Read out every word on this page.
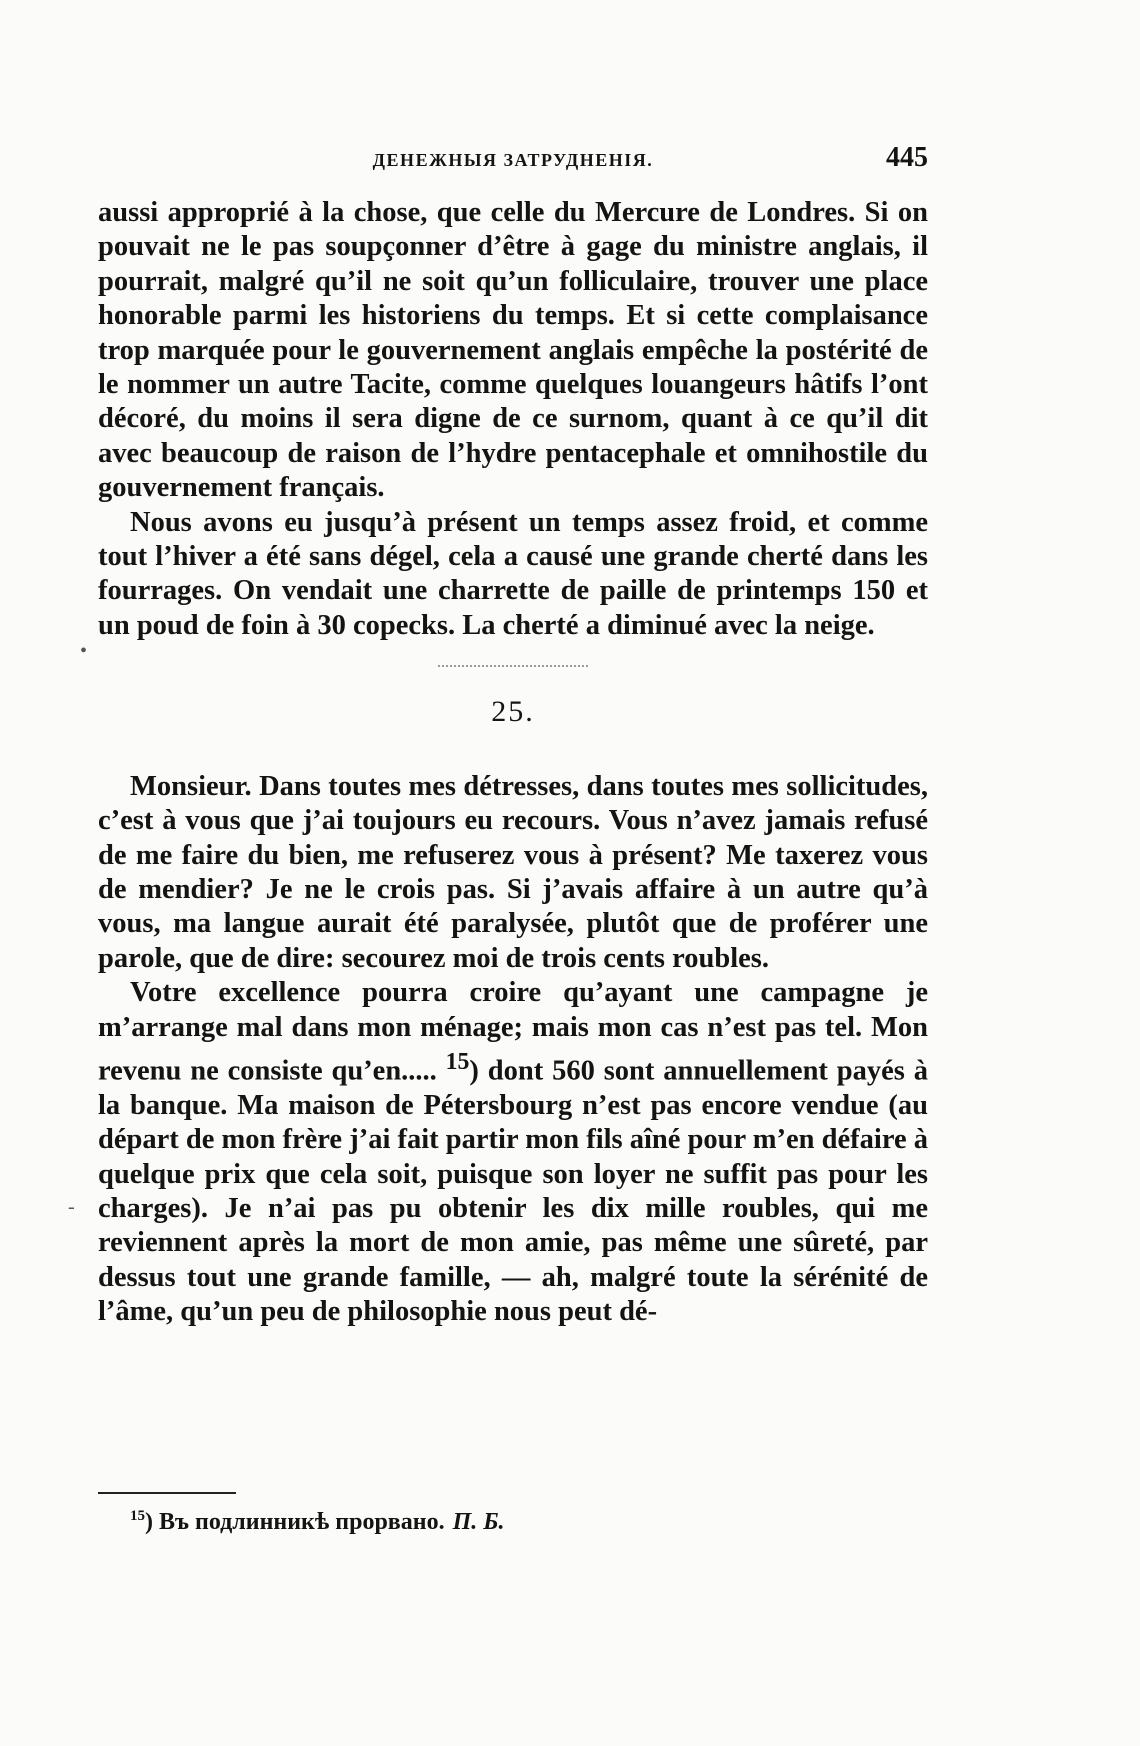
ДЕНЕЖНЫЯ ЗАТРУДНЕНІЯ.	445

aussi approprié à la chose, que celle du Mercure de Londres. Si on pouvait ne le pas soupçonner d’être à gage du ministre anglais, il pourrait, malgré qu’il ne soit qu’un folliculaire, trouver une place honorable parmi les historiens du temps. Et si cette complaisance trop marquée pour le gouvernement anglais empêche la postérité de le nommer un autre Tacite, comme quelques louangeurs hâtifs l’ont décoré, du moins il sera digne de ce surnom, quant à ce qu’il dit avec beaucoup de raison de l’hydre pentacephale et omnihostile du gouvernement français.

Nous avons eu jusqu’à présent un temps assez froid, et comme tout l’hiver a été sans dégel, cela a causé une grande cherté dans les fourrages. On vendait une charrette de paille de printemps 150 et un poud de foin à 30 copecks. La cherté a diminué avec la neige.

25.

Monsieur. Dans toutes mes détresses, dans toutes mes sollicitudes, c’est à vous que j’ai toujours eu recours. Vous n’avez jamais refusé de me faire du bien, me refuserez vous à présent? Me taxerez vous de mendier? Je ne le crois pas. Si j’avais affaire à un autre qu’à vous, ma langue aurait été paralysée, plutôt que de proférer une parole, que de dire: secourez moi de trois cents roubles.

Votre excellence pourra croire qu’ayant une campagne je m’arrange mal dans mon ménage; mais mon cas n’est pas tel. Mon revenu ne consiste qu’en..... $^{15}$) dont 560 sont annuellement payés à la banque. Ma maison de Pétersbourg n’est pas encore vendue (au départ de mon frère j’ai fait partir mon fils aîné pour m’en défaire à quelque prix que cela soit, puisque son loyer ne suffit pas pour les charges). Je n’ai pas pu obtenir les dix mille roubles, qui me reviennent après la mort de mon amie, pas même une sûreté, par dessus tout une grande famille, — ah, malgré toute la sérénité de l’âme, qu’un peu de philosophie nous peut dé-

$^{15}$) Въ подлинникѣ прорвано. П. Б.
•
-
